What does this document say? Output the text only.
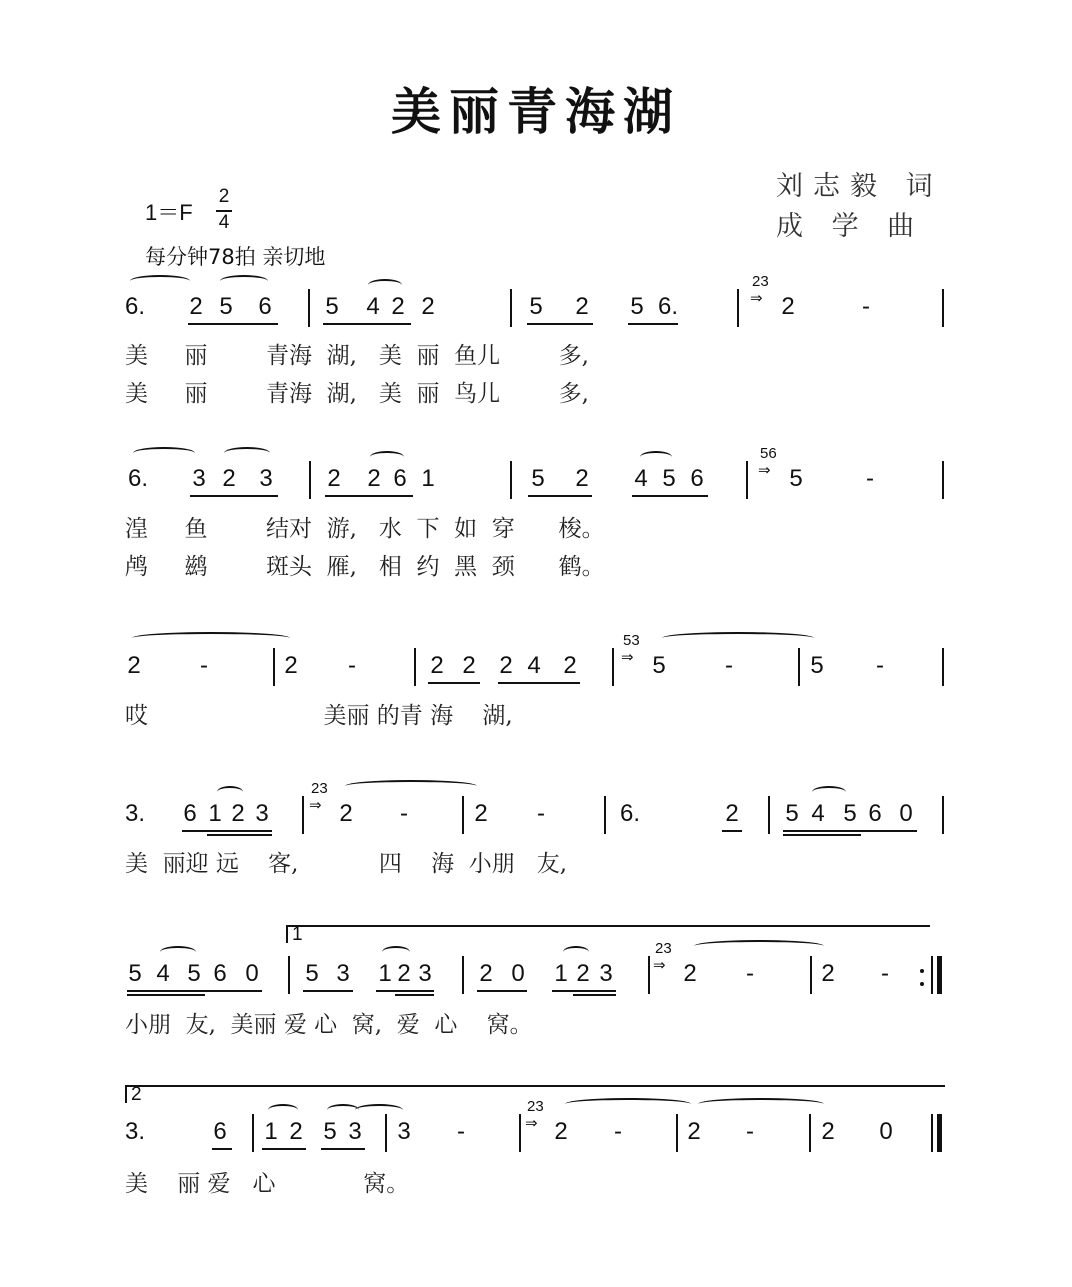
美丽青海湖
刘志毅 词
成 学 曲
1＝F
2
4
每分钟78拍 亲切地
6. 2 5 6 5 4 2 2	5 2 5 6.
23
⇒ 2	-
美     丽        青海  湖,   美  丽  鱼儿        多,
美     丽        青海  湖,   美  丽  鸟儿        多,
6. 3 2 3 2 2 6 1	5 2 4 5 6
56
⇒ 5	-
湟     鱼        结对  游,   水  下  如  穿      梭。
鸬     鹚        斑头  雁,   相  约  黑  颈      鹤。
2 -	2 -	2 2 2 4 2
53
⇒ 5 -	5 -
哎                        美丽 的青 海    湖,
3. 6 1 2 3
23
⇒ 2 -	2 -	6.	2 5 4 5 6 0
美  丽迎 远    客,           四    海  小朋   友,
1
5 4 5 6 0 5 3 1 2 3 2 0 1 2 3
23
⇒ 2 -	2 -
小朋  友,  美丽 爱 心  窝,  爱  心    窝。
2
3.	6 1 2 5 3 3 -
23
⇒ 2 -	2 -	2 0
美    丽 爱   心            窝。
